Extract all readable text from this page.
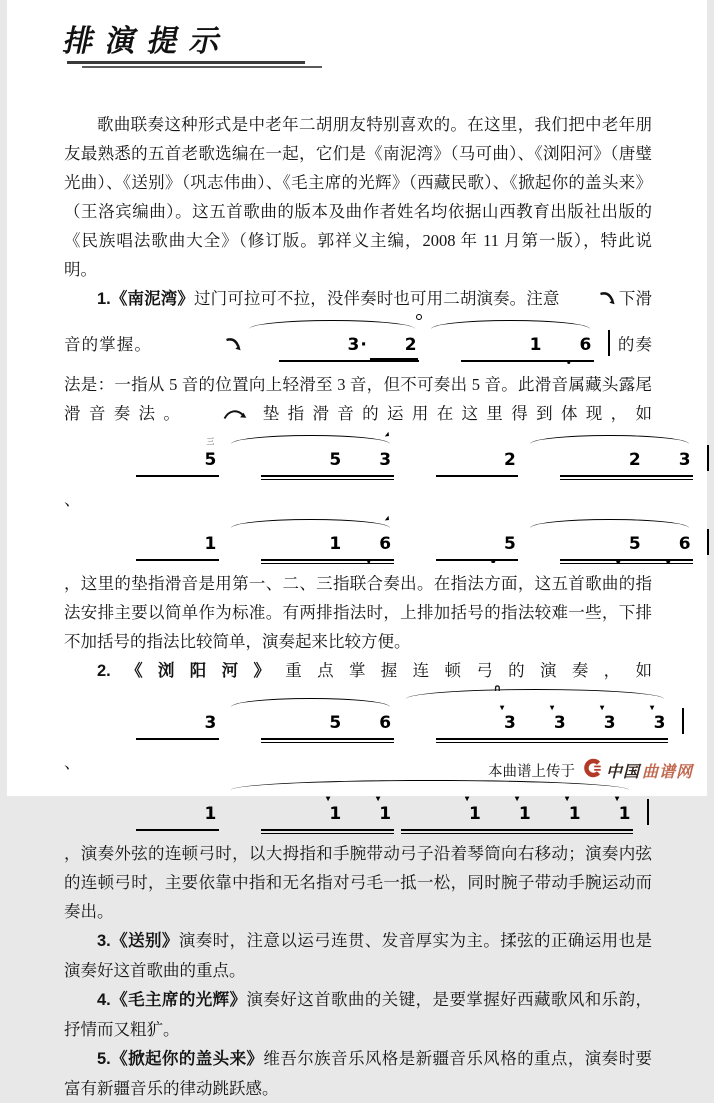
排演提示

歌曲联奏这种形式是中老年二胡朋友特别喜欢的。在这里，我们把中老年朋友最熟悉的五首老歌选编在一起，它们是《南泥湾》（马可曲）、《浏阳河》（唐璧光曲）、《送别》（巩志伟曲）、《毛主席的光辉》（西藏民歌）、《掀起你的盖头来》（王洛宾编曲）。这五首歌曲的版本及曲作者姓名均依据山西教育出版社出版的《民族唱法歌曲大全》（修订版。郭祥义主编，2008 年 11 月第一版），特此说明。

1.《南泥湾》过门可拉可不拉，没伴奏时也可用二胡演奏。注意	下滑音的掌握。	3· 2	1 6 的奏法是：一指从 5 音的位置向上轻滑至 3 音，但不可奏出 5 音。此滑音属藏头露尾滑音奏法。	垫指滑音的运用在这里得到体现，如5
三
5 3	2	2 3
、1	1 6	5	5 6
，这里的垫指滑音是用第一、二、三指联合奏出。在指法方面，这五首歌曲的指法安排主要以简单作为标准。有两排指法时，上排加括号的指法较难一些，下排不加括号的指法比较简单，演奏起来比较方便。

2.《浏阳河》重点掌握连顿弓的演奏，如3	5 6
∩
3
▼
3
▼
3
▼
3
▼
、1	1
▼
1
▼
1
▼
1
▼
1
▼
1
▼
，演奏外弦的连顿弓时，以大拇指和手腕带动弓子沿着琴筒向右移动；演奏内弦的连顿弓时，主要依靠中指和无名指对弓毛一抵一松，同时腕子带动手腕运动而奏出。

3.《送别》演奏时，注意以运弓连贯、发音厚实为主。揉弦的正确运用也是演奏好这首歌曲的重点。

4.《毛主席的光辉》演奏好这首歌曲的关键，是要掌握好西藏歌风和乐韵，抒情而又粗犷。

5.《掀起你的盖头来》维吾尔族音乐风格是新疆音乐风格的重点，演奏时要富有新疆音乐的律动跳跃感。

本曲谱上传于 中国 曲谱网
